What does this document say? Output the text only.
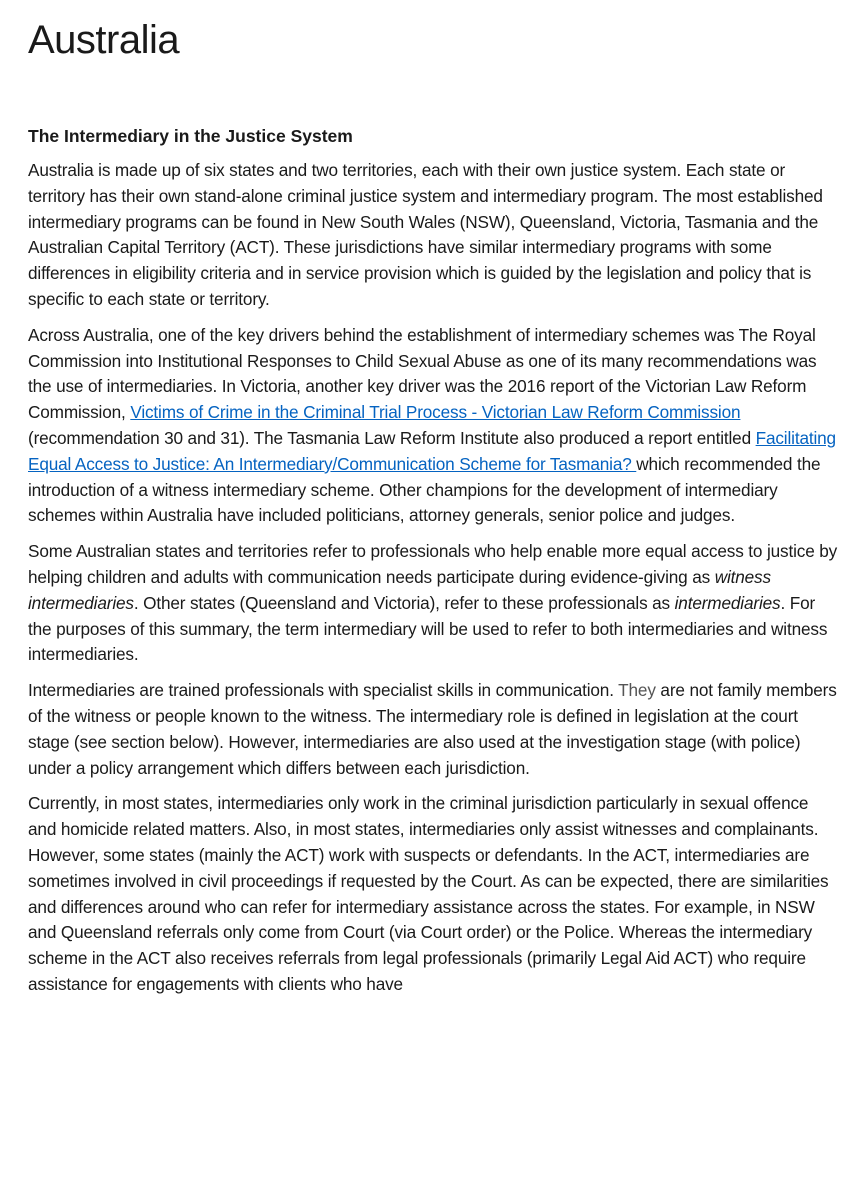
Australia
The Intermediary in the Justice System

Australia is made up of six states and two territories, each with their own justice system. Each state or territory has their own stand-alone criminal justice system and intermediary program. The most established intermediary programs can be found in New South Wales (NSW), Queensland, Victoria, Tasmania and the Australian Capital Territory (ACT). These jurisdictions have similar intermediary programs with some differences in eligibility criteria and in service provision which is guided by the legislation and policy that is specific to each state or territory.

Across Australia, one of the key drivers behind the establishment of intermediary schemes was The Royal Commission into Institutional Responses to Child Sexual Abuse as one of its many recommendations was the use of intermediaries. In Victoria, another key driver was the 2016 report of the Victorian Law Reform Commission, Victims of Crime in the Criminal Trial Process - Victorian Law Reform Commission (recommendation 30 and 31). The Tasmania Law Reform Institute also produced a report entitled Facilitating Equal Access to Justice: An Intermediary/Communication Scheme for Tasmania? which recommended the introduction of a witness intermediary scheme. Other champions for the development of intermediary schemes within Australia have included politicians, attorney generals, senior police and judges.

Some Australian states and territories refer to professionals who help enable more equal access to justice by helping children and adults with communication needs participate during evidence-giving as witness intermediaries. Other states (Queensland and Victoria), refer to these professionals as intermediaries. For the purposes of this summary, the term intermediary will be used to refer to both intermediaries and witness intermediaries.

Intermediaries are trained professionals with specialist skills in communication. They are not family members of the witness or people known to the witness. The intermediary role is defined in legislation at the court stage (see section below). However, intermediaries are also used at the investigation stage (with police) under a policy arrangement which differs between each jurisdiction.

Currently, in most states, intermediaries only work in the criminal jurisdiction particularly in sexual offence and homicide related matters. Also, in most states, intermediaries only assist witnesses and complainants. However, some states (mainly the ACT) work with suspects or defendants. In the ACT, intermediaries are sometimes involved in civil proceedings if requested by the Court. As can be expected, there are similarities and differences around who can refer for intermediary assistance across the states. For example, in NSW and Queensland referrals only come from Court (via Court order) or the Police. Whereas the intermediary scheme in the ACT also receives referrals from legal professionals (primarily Legal Aid ACT) who require assistance for engagements with clients who have
